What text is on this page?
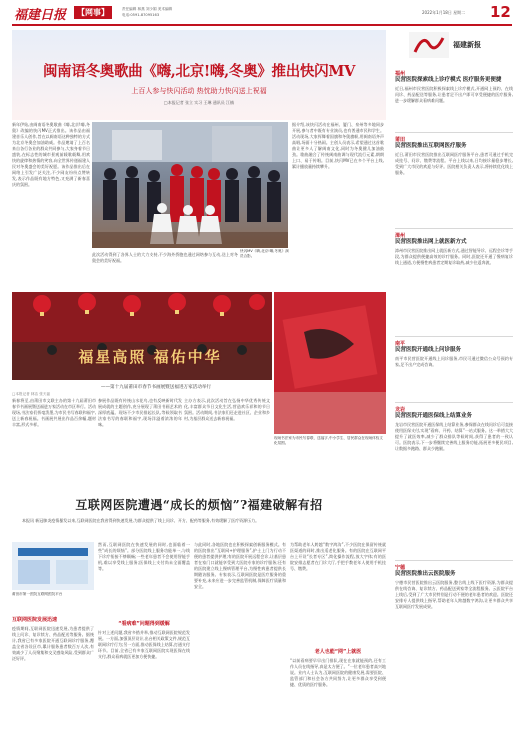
福建日报	【网事】	责任编辑 林燕 刘少娟 美术编辑
电话:0591-87095163	2022年1月18日 星期二 12
闽南语冬奥歌曲《嗨,北京!嗨,冬奥》推出快闪MV
上百人参与快闪活动 热忱助力快闪送上祝福
□本报记者 张立 实习 王琳 通讯员 江楠
新年伊始,由闽南语冬奥歌曲《嗨,北京!嗨,冬奥》改编的快闪MV正式推出。该作品由福建音乐人创作,旨在以闽南语这种独特的方式为北京冬奥会加油助威。作品邀请了上百名来自各行各业的群众共同参与,大家身着节日盛装,在标志性的城市景观前载歌载舞,用欢快的旋律和热情的笑容,向全世界传递福建人民对冬奥盛会的美好祝愿。该作品推出后在网络上引发广泛关注,不少网友纷纷点赞转发,表示作品既有地方特色,又充满了新春喜庆的氛围。
快闪MV《嗨,北京!嗨,冬奥》演员合影。
据介绍,该快闪活动在福州、厦门、泉州等多地同步开展,参与者中既有专业演员,也有普通市民和学生。活动现场,大家挥舞着国旗和冬奥旗帜,用闽南语齐声高唱,场面十分热闹。主创人员表示,希望通过这首歌曲让更多人了解闽南文化,同时为冬奥健儿加油鼓劲。歌曲融合了传统闽南曲调与现代流行元素,朗朗上口、易于传唱。目前,快闪MV已在多个平台上线,累计播放量持续攀升。
此次活动得到了各界人士的大力支持,不少海外侨胞也通过网络参与互动,送上对冬奥会的美好祝福。
福建新报
福州
民营医院探索线上诊疗模式 医疗服务更便捷
近日,福州市民营医院积极探索线上诊疗模式,开通网上预约、在线问诊、药品配送等服务,让患者足不出户即可享受便捷的医疗服务,进一步缓解群众看病难问题。
莆田
民营医院推出互联网医疗服务
近日,莆田市民营医院推出互联网医疗服务平台,患者可通过手机完成挂号、问诊、缴费等流程。平台上线以来,日均接诊量稳步增长,受到广大市民的欢迎与好评。医院相关负责人表示,将持续优化线上服务。
漳州
民营医院推出网上就医新方式
漳州市民营医院推出网上就医新方式,通过智能导诊、远程会诊等手段,为群众提供便捷高效的诊疗服务。同时,医院还开通了慢病复诊线上通道,方便慢性病患者定期复诊取药,减少往返奔波。
南平
民营医院开通线上问诊服务
南平市民营医院开通线上问诊服务,市民可通过微信公众号预约专家,足不出户完成咨询。
龙岩
民营医院开通医保线上结算业务
龙岩市民营医院开通医保线上结算业务,参保群众在线问诊后可直接使用医保支付,实现“看病、开药、结算”一站式服务。这一举措大大提升了就医效率,减少了群众排队等候时间,获得了患者的一致认可。医院表示,下一步将继续完善线上服务功能,拓展更多便民项目,让数据多跑路、群众少跑腿。
宁德
民营医院推出云医院服务
宁德市民营医院推出云医院服务,整合线上线下医疗资源,为群众提供在线咨询、复诊续方、药品配送到家等全流程服务。云医院平台上线后,受到了广大市民特别是行动不便的老年患者的欢迎。医院还安排专人提供线上指导,帮助老年人跨越数字鸿沟,让更多群众共享互联网医疗发展成果。
现场书法家为市民写春联、送福字,中小学生、居民群众在现场体验文化氛围。
福星高照 福佑中华
——第十九届莆田市春节书画展暨送福进万家活动举行
□本报记者 林洁 张天福
新春将至,由莆田市文联主办的第十九届莆田市春节书画展暨送福进万家活动在市区举行。活动现场,书法家们挥毫泼墨,为市民书写春联和福字,送上新春祝福。书画展共展出作品百余幅,题材丰富,形式多样。
参展作品既有传统山水花鸟,也有反映新时代发展成就的主题创作,充分展现了莆田书画艺术的深厚底蕴。现场不少市民排起长队,等候领取书法家书写的春联和福字,现场洋溢着浓浓的年味。
主办方表示,此次活动旨在弘扬中华优秀传统文化,丰富群众节日文化生活,营造欢乐祥和的节日氛围。活动期间,书法家们还走进社区、企业和乡村,为基层群众送去新春祝福。
互联网医院遭遇“成长的烦恼”?福建破解有招
本报讯 新冠肺炎疫情暴发以来,互联网医院在我省得到快速发展,为群众提供了线上问诊、开方、配药等服务,有效缓解了医疗资源压力。
莆田市第一医院互联网医院平台
互联网医院发展迅速
疫情期间,互联网医院迅速发展,为患者提供了线上问诊、复诊续方、药品配送等服务。据统计,我省已有多家医院开通互联网诊疗服务,覆盖全省各设区市,累计服务患者数百万人次,有效减少了人员聚集和交叉感染风险,受到群众广泛好评。
然而,互联网医院在快速发展的同时,也面临着一些“成长的烦恼”。部分医院线上服务功能单一,与线下诊疗衔接不够顺畅;一些老年患者不会使用智能手机,难以享受线上服务;医保线上支付尚未全面覆盖等。
“看病难”问题得到缓解
针对上述问题,我省多措并举,推动互联网医院规范发展。一方面,加强顶层设计,出台相关政策文件,规范互联网诊疗行为;另一方面,推动医保线上结算,打通支付环节。目前,全省已有多家互联网医院实现医保在线支付,群众看病就医更加方便快捷。
与此同时,各地医院也在积极探索创新服务模式。有的医院推出“互联网+护理服务”,护士上门为行动不便的患者提供护理;有的医院开展远程会诊,让基层患者在家门口就能享受到大医院专家的诊疗服务;还有的医院建立线上慢病管理平台,为慢性病患者提供长期随访服务。专家表示,互联网医院是医疗服务的重要补充,未来应进一步完善监管机制,保障医疗质量和安全。
为帮助老年人跨越“数字鸿沟”,不少医院在保留传统就医渠道的同时,推出适老化服务。有的医院在互联网平台上开设“长者专区”,简化操作流程,放大字体;有的医院安排志愿者在门诊大厅,手把手教老年人使用手机挂号、缴费。
老人也能“网”上就医
“以前看病要早早出门排队,现在在家就能预约,还有工作人员在线指导,真是太方便了。”一位老年患者高兴地说。业内人士认为,互联网医院的健康发展,需要医院、监管部门和社会各方共同努力,让更多群众享受到便捷、优质的医疗服务。
